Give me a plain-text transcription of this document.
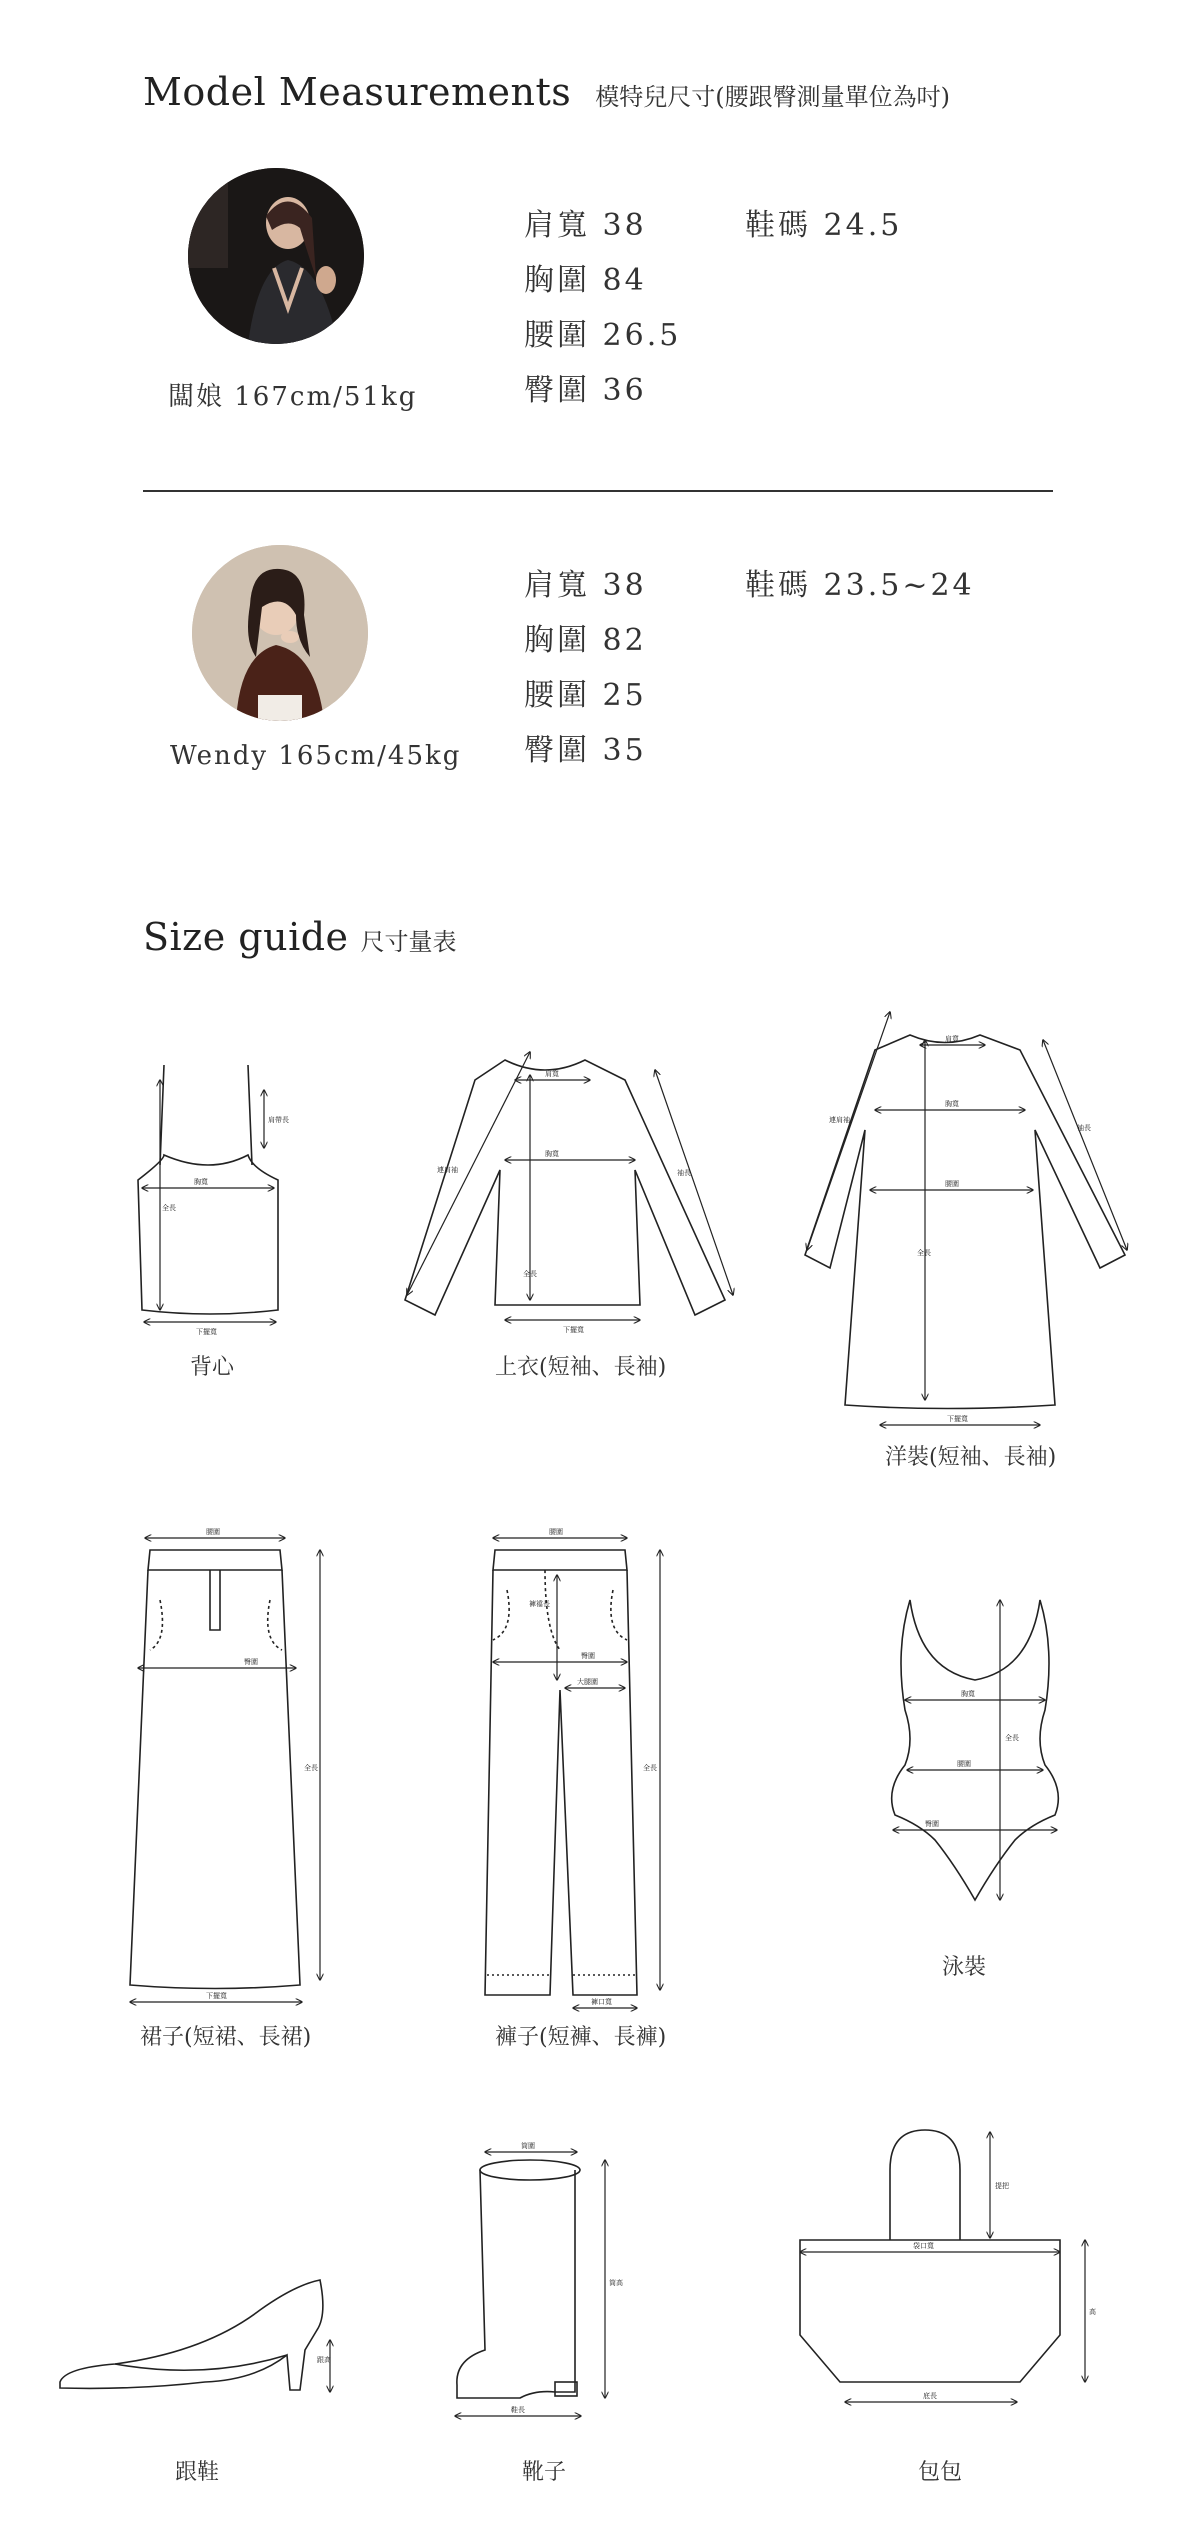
Model Measurements 模特兒尺寸(腰跟臀測量單位為吋)
闆娘 167cm/51kg
肩寬 38
胸圍 84
腰圍 26.5
臀圍 36
鞋碼 24.5
Wendy 165cm/45kg
肩寬 38
胸圍 82
腰圍 25
臀圍 35
鞋碼 23.5~24
Size guide 尺寸量表
肩帶長
胸寬
全長
下擺寬
背心
肩寬
胸寬
全長
下擺寬
連肩袖	袖長
上衣(短袖、長袖)
肩寬
胸寬
腰圍
全長
下擺寬
連肩袖
袖長
洋裝(短袖、長袖)
腰圍
臀圍
全長
下擺寬
裙子(短裙、長裙)
腰圍
臀圍
大腿圍
褲襠長
全長
褲口寬
褲子(短褲、長褲)
胸寬
腰圍
臀圍
全長
泳裝
跟高
跟鞋
筒圍
筒高
鞋長
靴子
提把
袋口寬
高
底長
包包
